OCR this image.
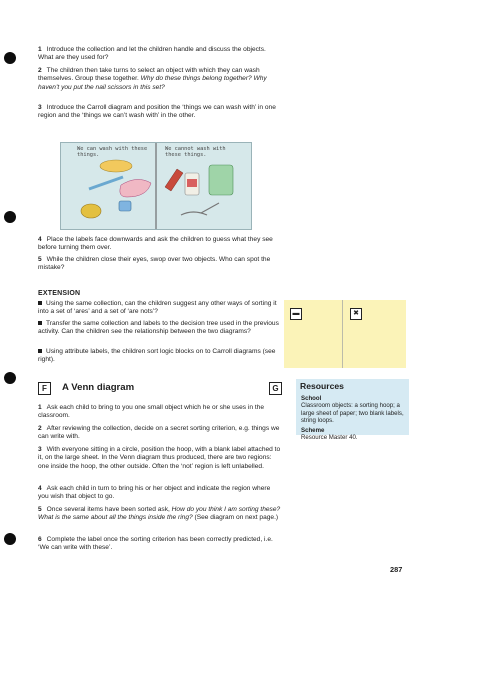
1 Introduce the collection and let the children handle and discuss the objects. What are they used for?

2 The children then take turns to select an object with which they can wash themselves. Group these together. Why do these things belong together? Why haven’t you put the nail scissors in this set?

3 Introduce the Carroll diagram and position the ‘things we can wash with’ in one region and the ‘things we can’t wash with’ in the other.

We can wash with these things.
We cannot wash with these things.

4 Place the labels face downwards and ask the children to guess what they see before turning them over.

5 While the children close their eyes, swop over two objects. Who can spot the mistake?

EXTENSION

Using the same collection, can the children suggest any other ways of sorting it into a set of ‘ares’ and a set of ‘are nots’?

Transfer the same collection and labels to the decision tree used in the previous activity. Can the children see the relationship between the two diagrams?

Using attribute labels, the children sort logic blocks on to Carroll diagrams (see right).

▬	✖
F	A Venn diagram	G

1 Ask each child to bring to you one small object which he or she uses in the classroom.

2 After reviewing the collection, decide on a secret sorting criterion, e.g. things we can write with.

3 With everyone sitting in a circle, position the hoop, with a blank label attached to it, on the large sheet. In the Venn diagram thus produced, there are two regions: one inside the hoop, the other outside. Often the ‘not’ region is left unlabelled.

4 Ask each child in turn to bring his or her object and indicate the region where you wish that object to go.

5 Once several items have been sorted ask, How do you think I am sorting these? What is the same about all the things inside the ring? (See diagram on next page.)

6 Complete the label once the sorting criterion has been correctly predicted, i.e. ‘We can write with these’.

School
Classroom objects: a sorting hoop; a large sheet of paper; two blank labels, string loops.
Scheme
Resource Master 40.

Resources

287
